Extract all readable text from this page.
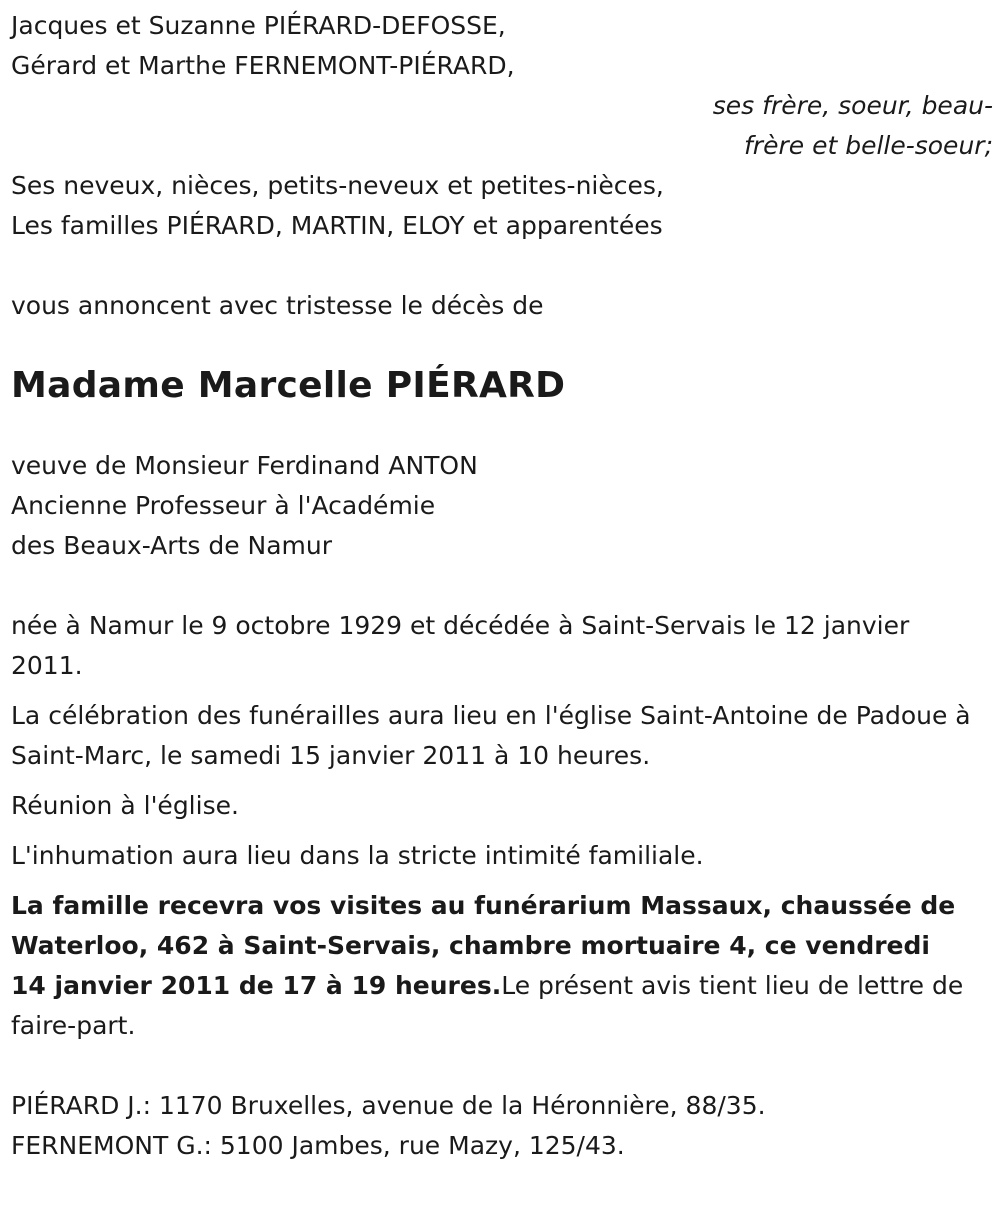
Jacques et Suzanne PIÉRARD-DEFOSSE,
Gérard et Marthe FERNEMONT-PIÉRARD,
ses frère, soeur, beau-frère et belle-soeur;
Ses neveux, nièces, petits-neveux et petites-nièces,
Les familles PIÉRARD, MARTIN, ELOY et apparentées
vous annoncent avec tristesse le décès de
Madame Marcelle PIÉRARD
veuve de Monsieur Ferdinand ANTON
Ancienne Professeur à l'Académie
des Beaux-Arts de Namur
née à Namur le 9 octobre 1929 et décédée à Saint-Servais le 12 janvier 2011.
La célébration des funérailles aura lieu en l'église Saint-Antoine de Padoue à Saint-Marc, le samedi 15 janvier 2011 à 10 heures.
Réunion à l'église.
L'inhumation aura lieu dans la stricte intimité familiale.
La famille recevra vos visites au funérarium Massaux, chaussée de Waterloo, 462 à Saint-Servais, chambre mortuaire 4, ce vendredi 14 janvier 2011 de 17 à 19 heures.Le présent avis tient lieu de lettre de faire-part.
PIÉRARD J.: 1170 Bruxelles, avenue de la Héronnière, 88/35.
FERNEMONT G.: 5100 Jambes, rue Mazy, 125/43.
